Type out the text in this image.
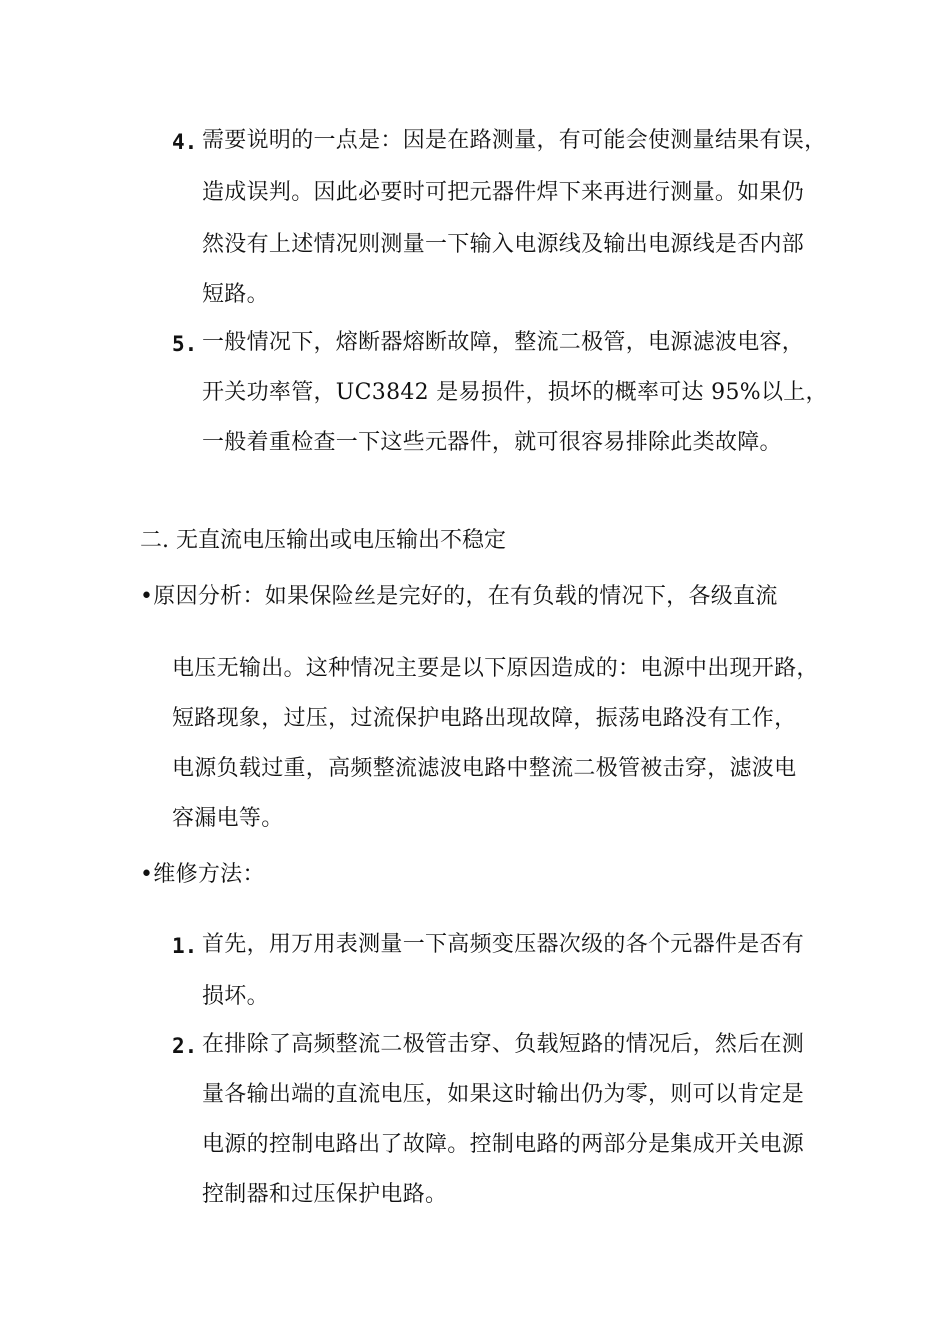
4. 需要说明的一点是：因是在路测量，有可能会使测量结果有误，
造成误判。因此必要时可把元器件焊下来再进行测量。如果仍
然没有上述情况则测量一下输入电源线及输出电源线是否内部
短路。
5. 一般情况下，熔断器熔断故障，整流二极管，电源滤波电容，
开关功率管，UC3842 是易损件，损坏的概率可达 95%以上，
一般着重检查一下这些元器件，就可很容易排除此类故障。
二. 无直流电压输出或电压输出不稳定
•原因分析：如果保险丝是完好的，在有负载的情况下，各级直流
电压无输出。这种情况主要是以下原因造成的：电源中出现开路，
短路现象，过压，过流保护电路出现故障，振荡电路没有工作，
电源负载过重，高频整流滤波电路中整流二极管被击穿，滤波电
容漏电等。
•维修方法：
1. 首先，用万用表测量一下高频变压器次级的各个元器件是否有
损坏。
2. 在排除了高频整流二极管击穿、负载短路的情况后，然后在测
量各输出端的直流电压，如果这时输出仍为零，则可以肯定是
电源的控制电路出了故障。控制电路的两部分是集成开关电源
控制器和过压保护电路。
